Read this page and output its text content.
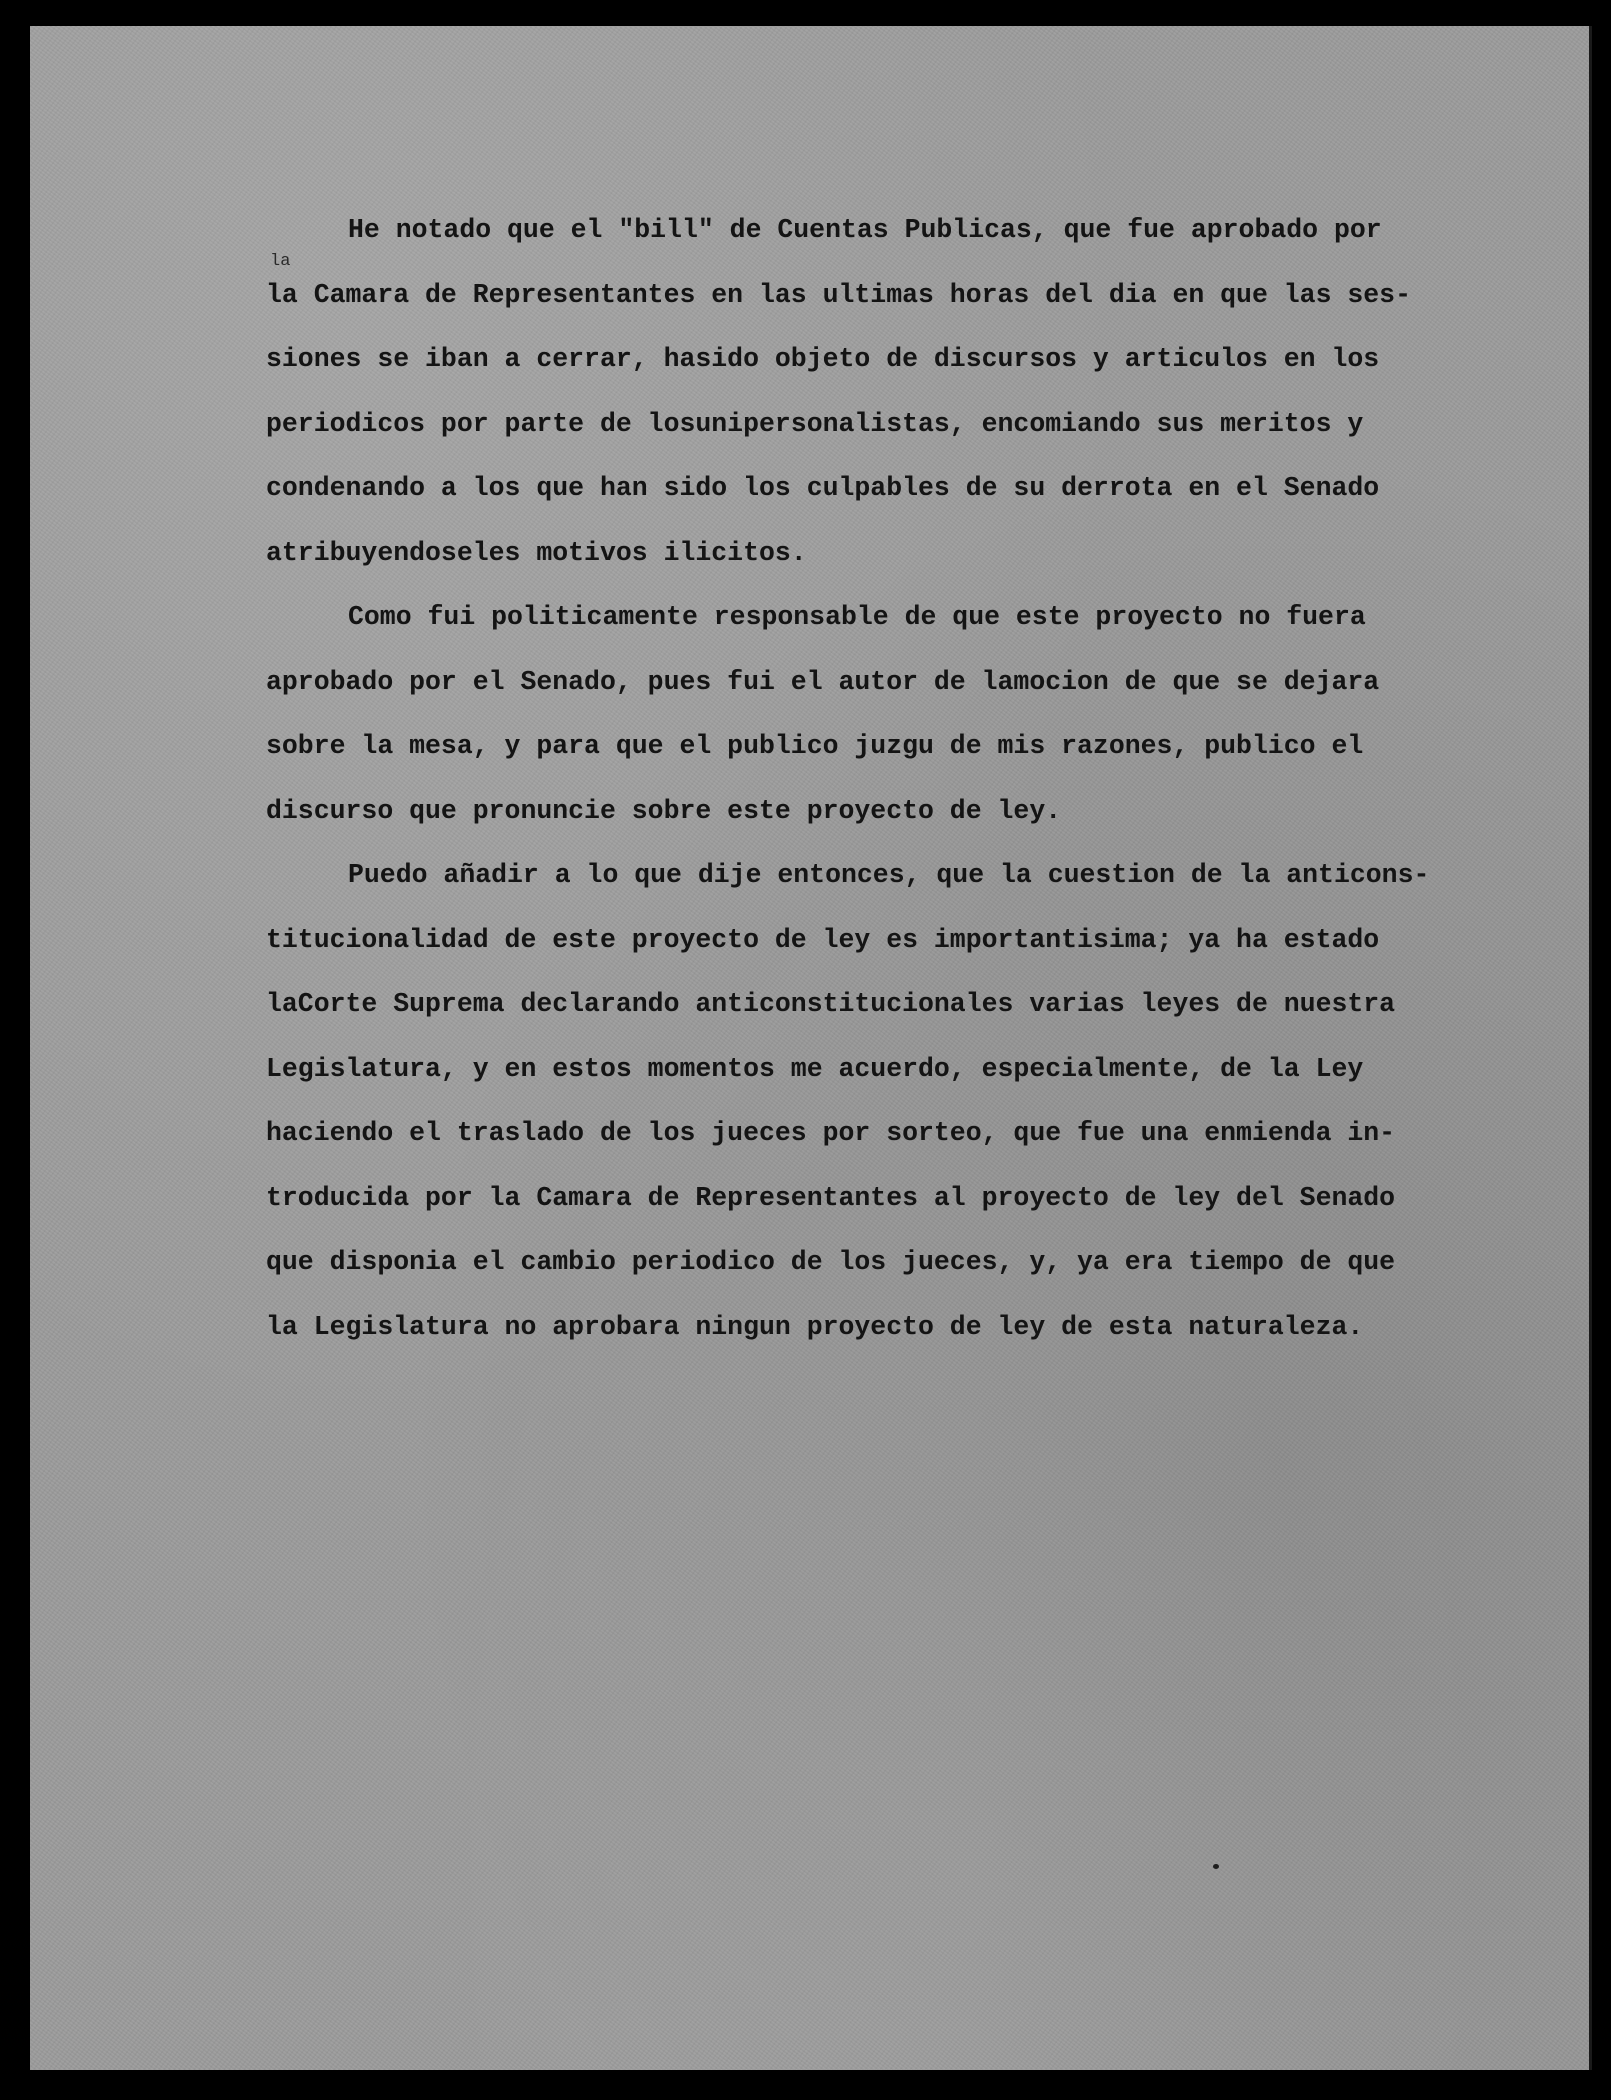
la
He notado que el "bill" de Cuentas Publicas, que fue aprobado por
la Camara de Representantes en las ultimas horas del dia en que las ses-
siones se iban a cerrar, hasido objeto de discursos y articulos en los
periodicos por parte de losunipersonalistas, encomiando sus meritos y
condenando a los que han sido los culpables de su derrota en el Senado
atribuyendoseles motivos ilicitos.
Como fui politicamente responsable de que este proyecto no fuera
aprobado por el Senado, pues fui el autor de lamocion de que se dejara
sobre la mesa, y para que el publico juzgu de mis razones, publico el
discurso que pronuncie sobre este proyecto de ley.
Puedo añadir a lo que dije entonces, que la cuestion de la anticons-
titucionalidad de este proyecto de ley es importantisima; ya ha estado
laCorte Suprema declarando anticonstitucionales varias leyes de nuestra
Legislatura, y en estos momentos me acuerdo, especialmente, de la Ley
haciendo el traslado de los jueces por sorteo, que fue una enmienda in-
troducida por la Camara de Representantes al proyecto de ley del Senado
que disponia el cambio periodico de los jueces, y, ya era tiempo de que
la Legislatura no aprobara ningun proyecto de ley de esta naturaleza.
